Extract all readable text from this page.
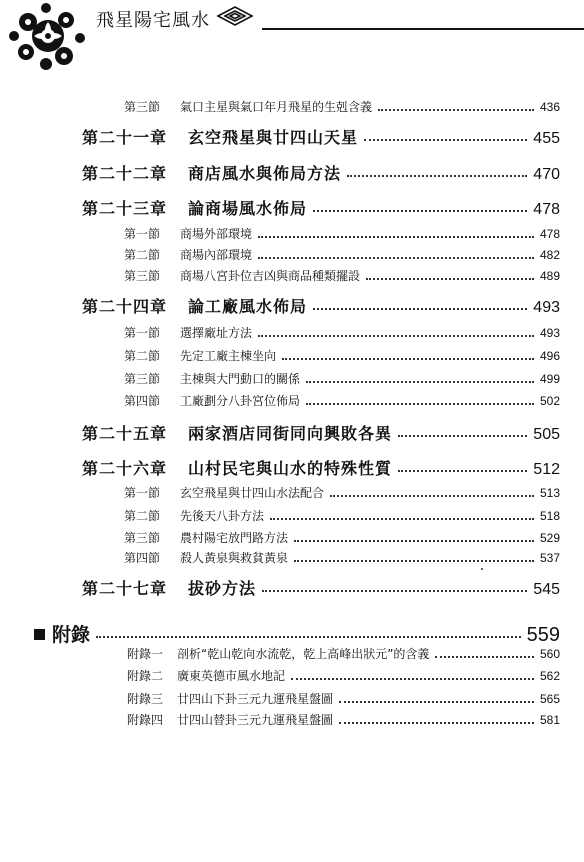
飛星陽宅風水
第三節	氣口主星與氣口年月飛星的生剋含義	436
第二十一章	玄空飛星與廿四山天星	455
第二十二章	商店風水與佈局方法	470
第二十三章	論商場風水佈局	478
第一節	商場外部環境	478
第二節	商場內部環境	482
第三節	商場八宮卦位吉凶與商品種類擺設	489
第二十四章	論工廠風水佈局	493
第一節	選擇廠址方法	493
第二節	先定工廠主棟坐向	496
第三節	主棟與大門動口的關係	499
第四節	工廠劃分八卦宮位佈局	502
第二十五章	兩家酒店同街同向興敗各異	505
第二十六章	山村民宅與山水的特殊性質	512
第一節	玄空飛星與廿四山水法配合	513
第二節	先後天八卦方法	518
第三節	農村陽宅放門路方法	529
第四節	殺人黃泉與救貧黃泉	537
第二十七章	拔砂方法	545
附錄	559
附錄一	剖析“乾山乾向水流乾，乾上高峰出狀元”的含義	560
附錄二	廣東英德市風水地記	562
附錄三	廿四山下卦三元九運飛星盤圖	565
附錄四	廿四山替卦三元九運飛星盤圖	581
